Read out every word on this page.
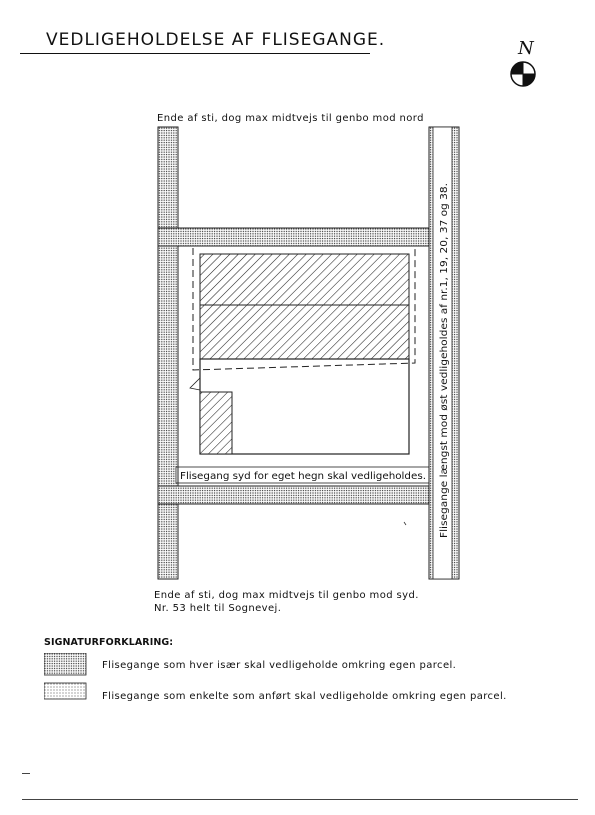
VEDLIGEHOLDELSE AF FLISEGANGE.	N
Flisegang syd for eget hegn skal vedligeholdes. Flisegange længst mod øst vedligeholdes af nr.1, 19, 20, 37 og 38.
Ende af sti, dog max midtvejs til genbo mod nord
Ende af sti, dog max midtvejs til genbo mod syd.
Nr. 53 helt til Sognevej.
SIGNATURFORKLARING:
Flisegange som hver især skal vedligeholde omkring egen parcel.
Flisegange som enkelte som anført skal vedligeholde omkring egen parcel.
